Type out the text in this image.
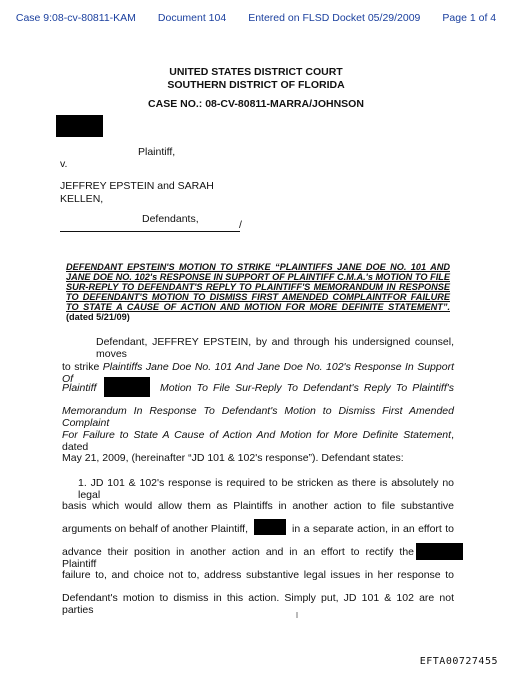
Case 9:08-cv-80811-KAM Document 104 Entered on FLSD Docket 05/29/2009 Page 1 of 4
UNITED STATES DISTRICT COURT
SOUTHERN DISTRICT OF FLORIDA
CASE NO.: 08-CV-80811-MARRA/JOHNSON
Plaintiff,
v.
JEFFREY EPSTEIN and SARAH
KELLEN,
Defendants,	/
DEFENDANT EPSTEIN'S MOTION TO STRIKE “PLAINTIFFS JANE DOE NO. 101 AND JANE DOE NO. 102's RESPONSE IN SUPPORT OF PLAINTIFF C.M.A.'s MOTION TO FILE SUR-REPLY TO DEFENDANT'S REPLY TO PLAINTIFF'S MEMORANDUM IN RESPONSE TO DEFENDANT'S MOTION TO DISMISS FIRST AMENDED COMPLAINTFOR FAILURE TO STATE A CAUSE OF ACTION AND MOTION FOR MORE DEFINITE STATEMENT”. (dated 5/21/09)
Defendant, JEFFREY EPSTEIN, by and through his undersigned counsel, moves
to strike Plaintiffs Jane Doe No. 101 And Jane Doe No. 102's Response In Support Of
Plaintiff	Motion To File Sur-Reply To Defendant's Reply To Plaintiff's
Memorandum In Response To Defendant's Motion to Dismiss First Amended Complaint
For Failure to State A Cause of Action And Motion for More Definite Statement, dated
May 21, 2009, (hereinafter “JD 101 & 102's response”). Defendant states:
1. JD 101 & 102's response is required to be stricken as there is absolutely no legal
basis which would allow them as Plaintiffs in another action to file substantive
arguments on behalf of another Plaintiff,	in a separate action, in an effort to
advance their position in another action and in an effort to rectify the Plaintiff
failure to, and choice not to, address substantive legal issues in her response to
Defendant's motion to dismiss in this action. Simply put, JD 101 & 102 are not parties
EFTA00727455
